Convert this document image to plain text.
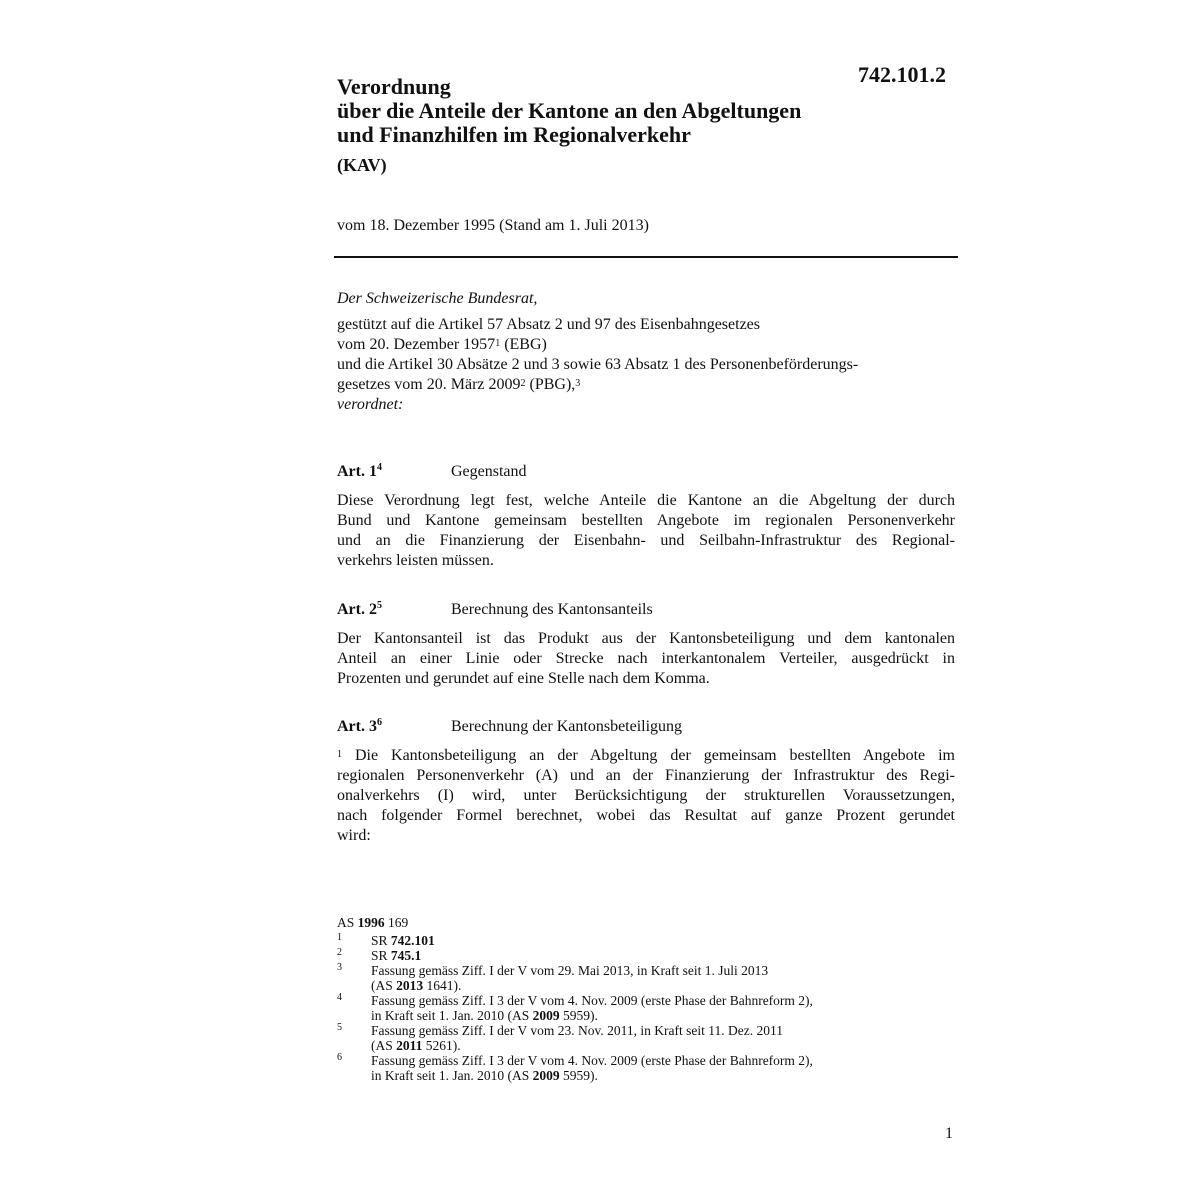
742.101.2
Verordnung
über die Anteile der Kantone an den Abgeltungen
und Finanzhilfen im Regionalverkehr
(KAV)
vom 18. Dezember 1995 (Stand am 1. Juli 2013)
Der Schweizerische Bundesrat,
gestützt auf die Artikel 57 Absatz 2 und 97 des Eisenbahngesetzes
vom 20. Dezember 1957$^1$ (EBG)
und die Artikel 30 Absätze 2 und 3 sowie 63 Absatz 1 des Personenbeförderungs-
gesetzes vom 20. März 2009$^2$ (PBG),$^3$
verordnet:
Art. $1^4$	Gegenstand
Diese Verordnung legt fest, welche Anteile die Kantone an die Abgeltung der durch
Bund und Kantone gemeinsam bestellten Angebote im regionalen Personenverkehr
und an die Finanzierung der Eisenbahn- und Seilbahn-Infrastruktur des Regional-
verkehrs leisten müssen.
Art. $2^5$	Berechnung des Kantonsanteils
Der Kantonsanteil ist das Produkt aus der Kantonsbeteiligung und dem kantonalen
Anteil an einer Linie oder Strecke nach interkantonalem Verteiler, ausgedrückt in
Prozenten und gerundet auf eine Stelle nach dem Komma.
Art. $3^6$	Berechnung der Kantonsbeteiligung
$^1$ Die Kantonsbeteiligung an der Abgeltung der gemeinsam bestellten Angebote im
regionalen Personenverkehr (A) und an der Finanzierung der Infrastruktur des Regi-
onalverkehrs (I) wird, unter Berücksichtigung der strukturellen Voraussetzungen,
nach folgender Formel berechnet, wobei das Resultat auf ganze Prozent gerundet
wird:
AS 1996 169
1 SR 742.101
2 SR 745.1
3 Fassung gemäss Ziff. I der V vom 29. Mai 2013, in Kraft seit 1. Juli 2013
(AS 2013 1641).
4 Fassung gemäss Ziff. I 3 der V vom 4. Nov. 2009 (erste Phase der Bahnreform 2),
in Kraft seit 1. Jan. 2010 (AS 2009 5959).
5 Fassung gemäss Ziff. I der V vom 23. Nov. 2011, in Kraft seit 11. Dez. 2011
(AS 2011 5261).
6 Fassung gemäss Ziff. I 3 der V vom 4. Nov. 2009 (erste Phase der Bahnreform 2),
in Kraft seit 1. Jan. 2010 (AS 2009 5959).
1
